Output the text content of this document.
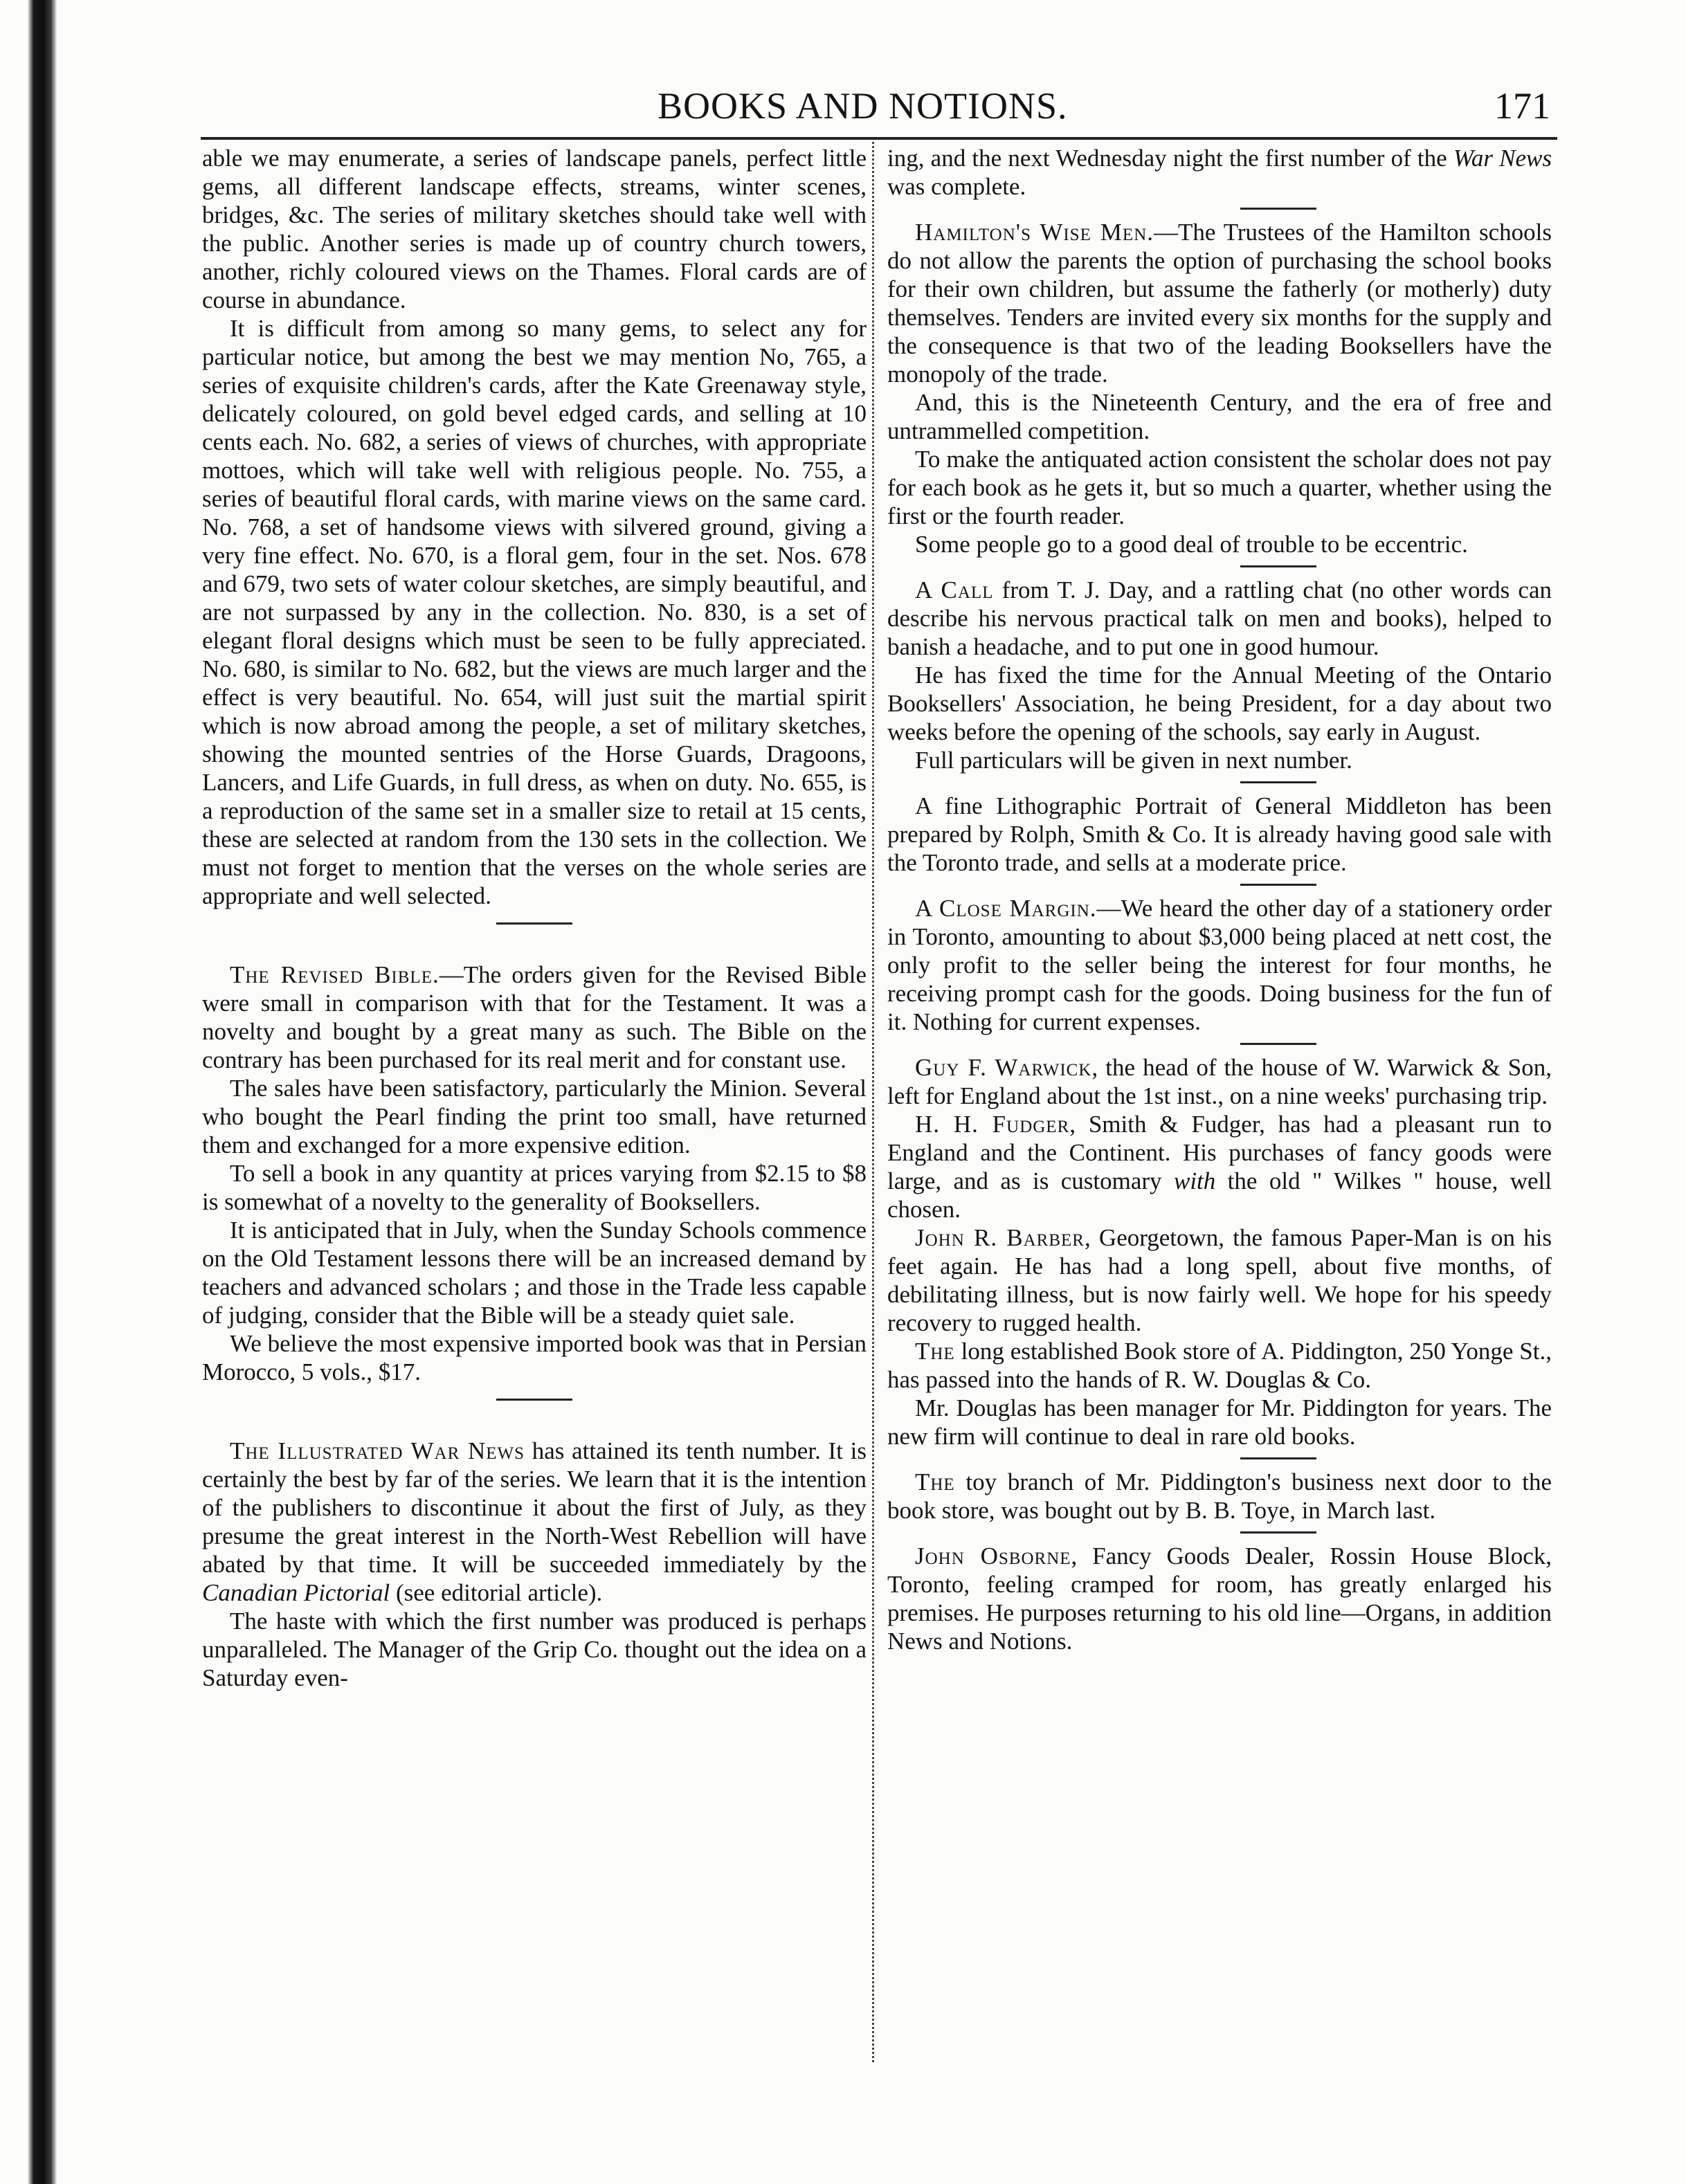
BOOKS AND NOTIONS.	171

able we may enumerate, a series of landscape panels, perfect little gems, all different landscape effects, streams, winter scenes, bridges, &c. The series of military sketches should take well with the public. Another series is made up of country church towers, another, richly coloured views on the Thames. Floral cards are of course in abundance.

It is difficult from among so many gems, to select any for particular notice, but among the best we may mention No, 765, a series of exquisite children's cards, after the Kate Greenaway style, delicately coloured, on gold bevel edged cards, and selling at 10 cents each. No. 682, a series of views of churches, with appropriate mottoes, which will take well with religious people. No. 755, a series of beautiful floral cards, with marine views on the same card. No. 768, a set of handsome views with silvered ground, giving a very fine effect. No. 670, is a floral gem, four in the set. Nos. 678 and 679, two sets of water colour sketches, are simply beautiful, and are not surpassed by any in the collection. No. 830, is a set of elegant floral designs which must be seen to be fully appreciated. No. 680, is similar to No. 682, but the views are much larger and the effect is very beautiful. No. 654, will just suit the martial spirit which is now abroad among the people, a set of military sketches, showing the mounted sentries of the Horse Guards, Dragoons, Lancers, and Life Guards, in full dress, as when on duty. No. 655, is a reproduction of the same set in a smaller size to retail at 15 cents, these are selected at random from the 130 sets in the collection. We must not forget to mention that the verses on the whole series are appropriate and well selected.

The Revised Bible.—The orders given for the Revised Bible were small in comparison with that for the Testament. It was a novelty and bought by a great many as such. The Bible on the contrary has been purchased for its real merit and for constant use.

The sales have been satisfactory, particularly the Minion. Several who bought the Pearl finding the print too small, have returned them and exchanged for a more expensive edition.

To sell a book in any quantity at prices varying from $2.15 to $8 is somewhat of a novelty to the generality of Booksellers.

It is anticipated that in July, when the Sunday Schools commence on the Old Testament lessons there will be an increased demand by teachers and advanced scholars ; and those in the Trade less capable of judging, consider that the Bible will be a steady quiet sale.

We believe the most expensive imported book was that in Persian Morocco, 5 vols., $17.

The Illustrated War News has attained its tenth number. It is certainly the best by far of the series. We learn that it is the intention of the publishers to discontinue it about the first of July, as they presume the great interest in the North-West Rebellion will have abated by that time. It will be succeeded immediately by the Canadian Pictorial (see editorial article).

The haste with which the first number was produced is perhaps unparalleled. The Manager of the Grip Co. thought out the idea on a Saturday even-

ing, and the next Wednesday night the first number of the War News was complete.

Hamilton's Wise Men.—The Trustees of the Hamilton schools do not allow the parents the option of purchasing the school books for their own children, but assume the fatherly (or motherly) duty themselves. Tenders are invited every six months for the supply and the consequence is that two of the leading Booksellers have the monopoly of the trade.

And, this is the Nineteenth Century, and the era of free and untrammelled competition.

To make the antiquated action consistent the scholar does not pay for each book as he gets it, but so much a quarter, whether using the first or the fourth reader.

Some people go to a good deal of trouble to be eccentric.

A Call from T. J. Day, and a rattling chat (no other words can describe his nervous practical talk on men and books), helped to banish a headache, and to put one in good humour.

He has fixed the time for the Annual Meeting of the Ontario Booksellers' Association, he being President, for a day about two weeks before the opening of the schools, say early in August.

Full particulars will be given in next number.

A fine Lithographic Portrait of General Middleton has been prepared by Rolph, Smith & Co. It is already having good sale with the Toronto trade, and sells at a moderate price.

A Close Margin.—We heard the other day of a stationery order in Toronto, amounting to about $3,000 being placed at nett cost, the only profit to the seller being the interest for four months, he receiving prompt cash for the goods. Doing business for the fun of it. Nothing for current expenses.

Guy F. Warwick, the head of the house of W. Warwick & Son, left for England about the 1st inst., on a nine weeks' purchasing trip.

H. H. Fudger, Smith & Fudger, has had a pleasant run to England and the Continent. His purchases of fancy goods were large, and as is customary with the old " Wilkes " house, well chosen.

John R. Barber, Georgetown, the famous Paper-Man is on his feet again. He has had a long spell, about five months, of debilitating illness, but is now fairly well. We hope for his speedy recovery to rugged health.

The long established Book store of A. Piddington, 250 Yonge St., has passed into the hands of R. W. Douglas & Co.

Mr. Douglas has been manager for Mr. Piddington for years. The new firm will continue to deal in rare old books.

The toy branch of Mr. Piddington's business next door to the book store, was bought out by B. B. Toye, in March last.

John Osborne, Fancy Goods Dealer, Rossin House Block, Toronto, feeling cramped for room, has greatly enlarged his premises. He purposes returning to his old line—Organs, in addition News and Notions.
